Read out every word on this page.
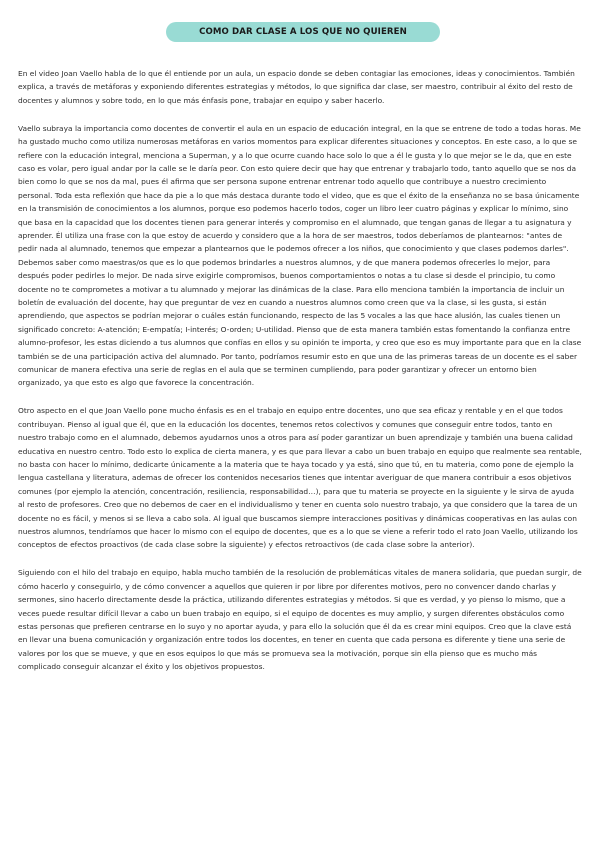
COMO DAR CLASE A LOS QUE NO QUIEREN

En el video Joan Vaello habla de lo que él entiende por un aula, un espacio donde se deben contagiar las emociones, ideas y conocimientos. También explica, a través de metáforas y exponiendo diferentes estrategias y métodos, lo que significa dar clase, ser maestro, contribuir al éxito del resto de docentes y alumnos y sobre todo, en lo que más énfasis pone, trabajar en equipo y saber hacerlo.

Vaello subraya la importancia como docentes de convertir el aula en un espacio de educación integral, en la que se entrene de todo a todas horas. Me ha gustado mucho como utiliza numerosas metáforas en varios momentos para explicar diferentes situaciones y conceptos. En este caso, a lo que se refiere con la educación integral, menciona a Superman, y a lo que ocurre cuando hace solo lo que a él le gusta y lo que mejor se le da, que en este caso es volar, pero igual andar por la calle se le daría peor. Con esto quiere decir que hay que entrenar y trabajarlo todo, tanto aquello que se nos da bien como lo que se nos da mal, pues él afirma que ser persona supone entrenar entrenar todo aquello que contribuye a nuestro crecimiento personal. Toda esta reflexión que hace da pie a lo que más destaca durante todo el video, que es que el éxito de la enseñanza no se basa únicamente en la transmisión de conocimientos a los alumnos, porque eso podemos hacerlo todos, coger un libro leer cuatro páginas y explicar lo mínimo, sino que basa en la capacidad que los docentes tienen para generar interés y compromiso en el alumnado, que tengan ganas de llegar a tu asignatura y aprender. Él utiliza una frase con la que estoy de acuerdo y considero que a la hora de ser maestros, todos deberíamos de plantearnos: "antes de pedir nada al alumnado, tenemos que empezar a plantearnos que le podemos ofrecer a los niños, que conocimiento y que clases podemos darles". Debemos saber como maestras/os que es lo que podemos brindarles a nuestros alumnos, y de que manera podemos ofrecerles lo mejor, para después poder pedirles lo mejor. De nada sirve exigirle compromisos, buenos comportamientos o notas a tu clase si desde el principio, tu como docente no te comprometes a motivar a tu alumnado y mejorar las dinámicas de la clase. Para ello menciona también la importancia de incluir un boletín de evaluación del docente, hay que preguntar de vez en cuando a nuestros alumnos como creen que va la clase, si les gusta, si están aprendiendo, que aspectos se podrían mejorar o cuáles están funcionando, respecto de las 5 vocales a las que hace alusión, las cuales tienen un significado concreto: A-atención; E-empatía; I-interés; O-orden; U-utilidad. Pienso que de esta manera también estas fomentando la confianza entre alumno-profesor, les estas diciendo a tus alumnos que confías en ellos y su opinión te importa, y creo que eso es muy importante para que en la clase también se de una participación activa del alumnado. Por tanto, podríamos resumir esto en que una de las primeras tareas de un docente es el saber comunicar de manera efectiva una serie de reglas en el aula que se terminen cumpliendo, para poder garantizar y ofrecer un entorno bien organizado, ya que esto es algo que favorece la concentración.

Otro aspecto en el que Joan Vaello pone mucho énfasis es en el trabajo en equipo entre docentes, uno que sea eficaz y rentable y en el que todos contribuyan. Pienso al igual que él, que en la educación los docentes, tenemos retos colectivos y comunes que conseguir entre todos, tanto en nuestro trabajo como en el alumnado, debemos ayudarnos unos a otros para así poder garantizar un buen aprendizaje y también una buena calidad educativa en nuestro centro. Todo esto lo explica de cierta manera, y es que para llevar a cabo un buen trabajo en equipo que realmente sea rentable, no basta con hacer lo mínimo, dedicarte únicamente a la materia que te haya tocado y ya está, sino que tú, en tu materia, como pone de ejemplo la lengua castellana y literatura, ademas de ofrecer los contenidos necesarios tienes que intentar averiguar de que manera contribuir a esos objetivos comunes (por ejemplo la atención, concentración, resiliencia, responsabilidad…), para que tu materia se proyecte en la siguiente y le sirva de ayuda al resto de profesores. Creo que no debemos de caer en el individualismo y tener en cuenta solo nuestro trabajo, ya que considero que la tarea de un docente no es fácil, y menos si se lleva a cabo sola. Al igual que buscamos siempre interacciones positivas y dinámicas cooperativas en las aulas con nuestros alumnos, tendríamos que hacer lo mismo con el equipo de docentes, que es a lo que se viene a referir todo el rato Joan Vaello, utilizando los conceptos de efectos proactivos (de cada clase sobre la siguiente) y efectos retroactivos (de cada clase sobre la anterior).

Siguiendo con el hilo del trabajo en equipo, habla mucho también de la resolución de problemáticas vitales de manera solidaria, que puedan surgir, de cómo hacerlo y conseguirlo, y de cómo convencer a aquellos que quieren ir por libre por diferentes motivos, pero no convencer dando charlas y sermones, sino hacerlo directamente desde la práctica, utilizando diferentes estrategias y métodos. Si que es verdad, y yo pienso lo mismo, que a veces puede resultar difícil llevar a cabo un buen trabajo en equipo, si el equipo de docentes es muy amplio, y surgen diferentes obstáculos como estas personas que prefieren centrarse en lo suyo y no aportar ayuda, y para ello la solución que él da es crear mini equipos. Creo que la clave está en llevar una buena comunicación y organización entre todos los docentes, en tener en cuenta que cada persona es diferente y tiene una serie de valores por los que se mueve, y que en esos equipos lo que más se promueva sea la motivación, porque sin ella pienso que es mucho más complicado conseguir alcanzar el éxito y los objetivos propuestos.
